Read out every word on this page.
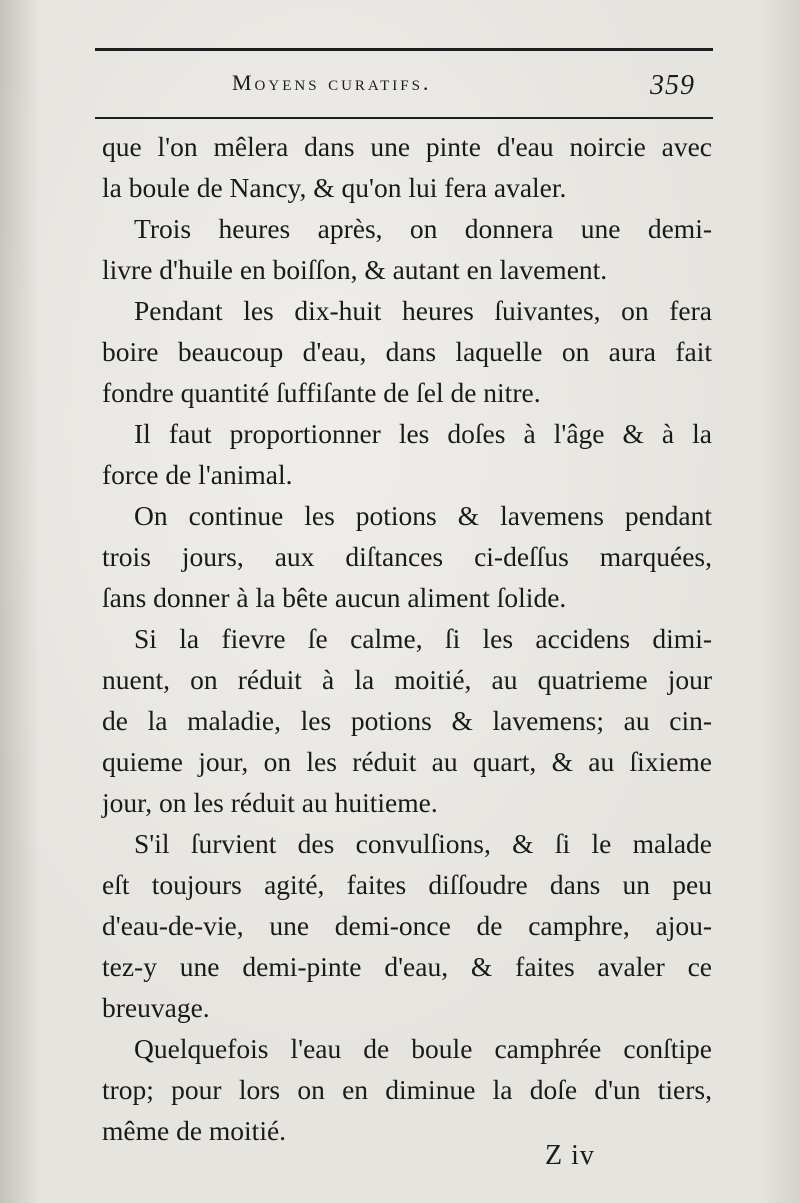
Moyens curatifs.	359
que l'on mêlera dans une pinte d'eau noircie avec
la boule de Nancy, & qu'on lui fera avaler.
Trois heures après, on donnera une demi-
livre d'huile en boiſſon, & autant en lavement.
Pendant les dix-huit heures ſuivantes, on fera
boire beaucoup d'eau, dans laquelle on aura fait
fondre quantité ſuffiſante de ſel de nitre.
Il faut proportionner les doſes à l'âge & à la
force de l'animal.
On continue les potions & lavemens pendant
trois jours, aux diſtances ci-deſſus marquées,
ſans donner à la bête aucun aliment ſolide.
Si la fievre ſe calme, ſi les accidens dimi-
nuent, on réduit à la moitié, au quatrieme jour
de la maladie, les potions & lavemens; au cin-
quieme jour, on les réduit au quart, & au ſixieme
jour, on les réduit au huitieme.
S'il ſurvient des convulſions, & ſi le malade
eſt toujours agité, faites diſſoudre dans un peu
d'eau-de-vie, une demi-once de camphre, ajou-
tez-y une demi-pinte d'eau, & faites avaler ce
breuvage.
Quelquefois l'eau de boule camphrée conſtipe
trop; pour lors on en diminue la doſe d'un tiers,
même de moitié.
Z iv
